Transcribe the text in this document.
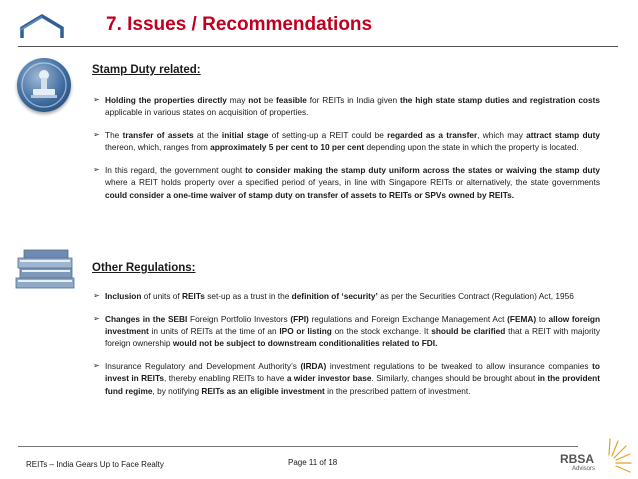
7. Issues / Recommendations
Stamp Duty related:
➢ Holding the properties directly may not be feasible for REITs in India given the high state stamp duties and registration costs applicable in various states on acquisition of properties.
➢ The transfer of assets at the initial stage of setting-up a REIT could be regarded as a transfer, which may attract stamp duty thereon, which, ranges from approximately 5 per cent to 10 per cent depending upon the state in which the property is located.
➢ In this regard, the government ought to consider making the stamp duty uniform across the states or waiving the stamp duty where a REIT holds property over a specified period of years, in line with Singapore REITs or alternatively, the state governments could consider a one-time waiver of stamp duty on transfer of assets to REITs or SPVs owned by REITs.
Other Regulations:
➢ Inclusion of units of REITs set-up as a trust in the definition of ‘security’ as per the Securities Contract (Regulation) Act, 1956
➢ Changes in the SEBI Foreign Portfolio Investors (FPI) regulations and Foreign Exchange Management Act (FEMA) to allow foreign investment in units of REITs at the time of an IPO or listing on the stock exchange. It should be clarified that a REIT with majority foreign ownership would not be subject to downstream conditionalities related to FDI.
➢ Insurance Regulatory and Development Authority’s (IRDA) investment regulations to be tweaked to allow insurance companies to invest in REITs, thereby enabling REITs to have a wider investor base. Similarly, changes should be brought about in the provident fund regime, by notifying REITs as an eligible investment in the prescribed pattern of investment.
REITs – India Gears Up to Face Realty	Page 11 of 18	RBSA
Advisors
